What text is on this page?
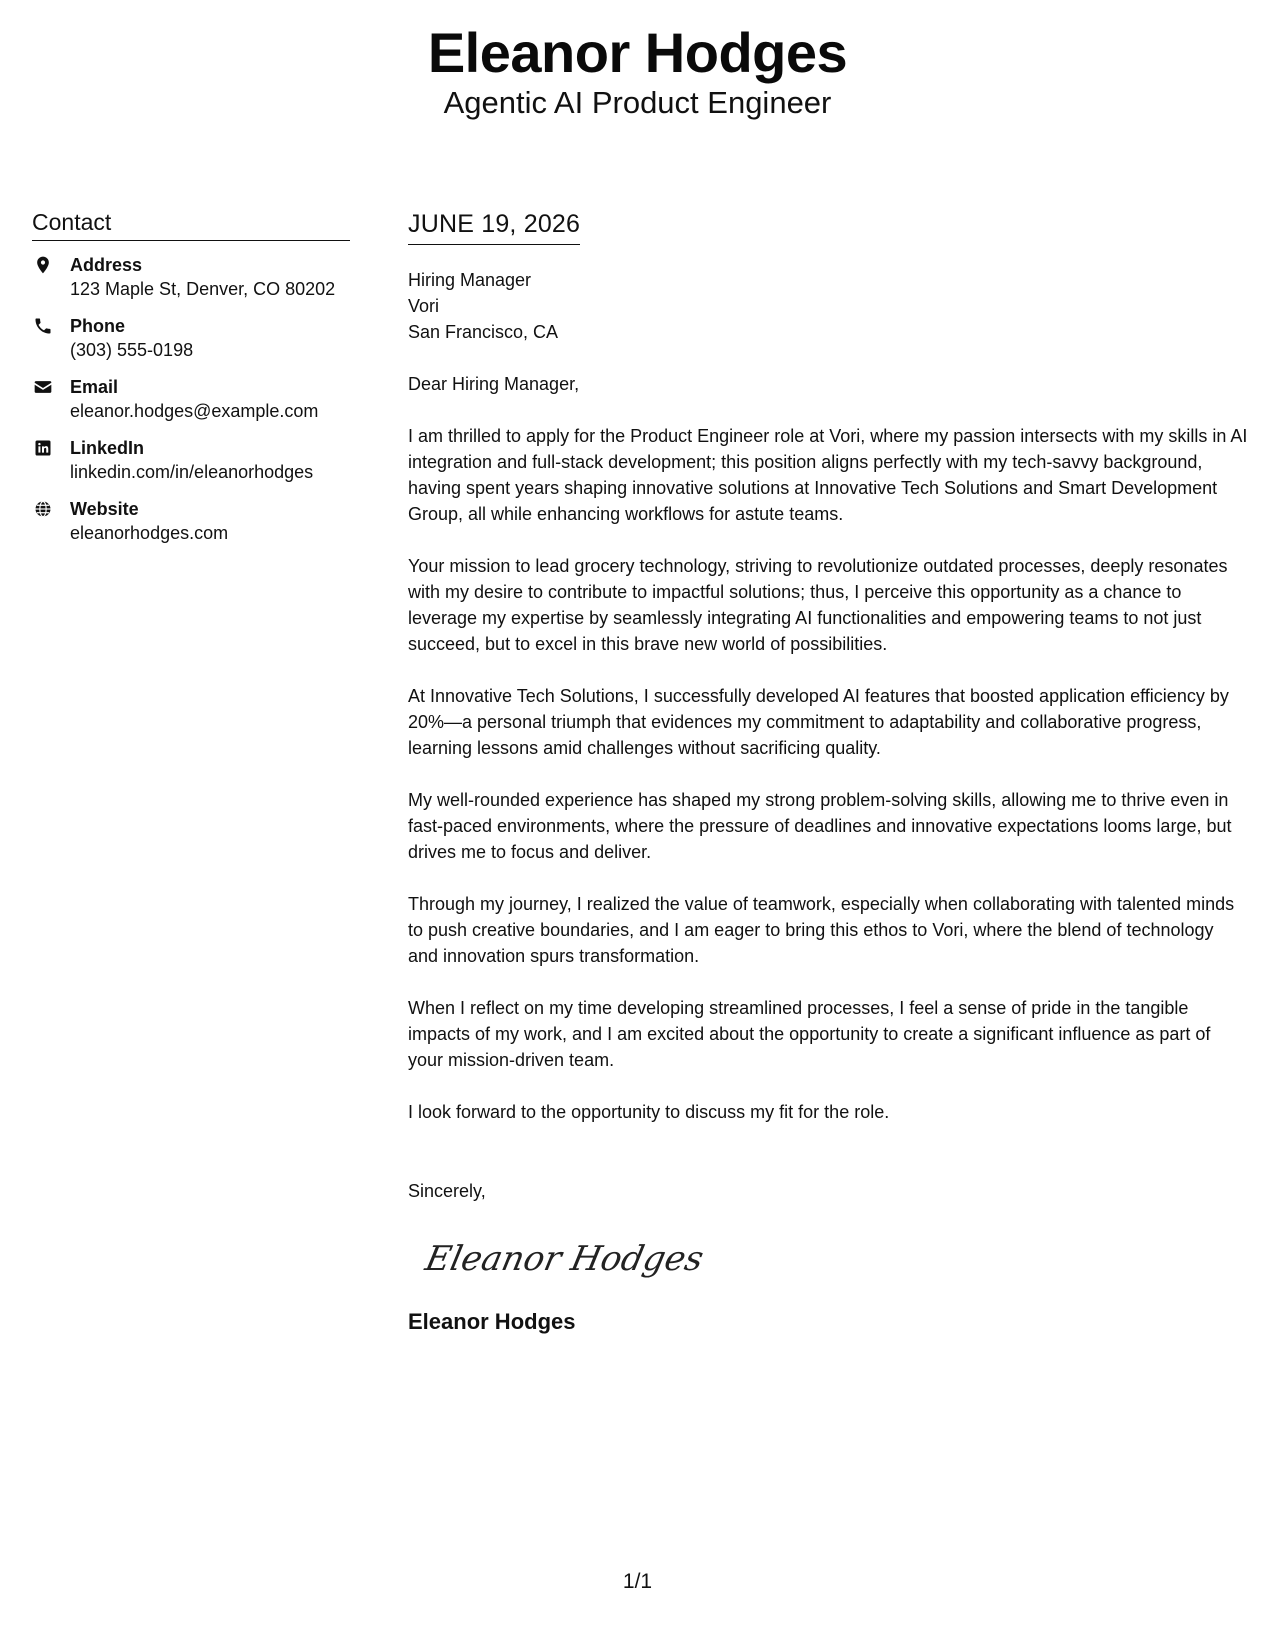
Eleanor Hodges
Agentic AI Product Engineer
Contact
Address
123 Maple St, Denver, CO 80202
Phone
(303) 555-0198
Email
eleanor.hodges@example.com
LinkedIn
linkedin.com/in/eleanorhodges
Website
eleanorhodges.com
JUNE 19, 2026
Hiring Manager
Vori
San Francisco, CA
Dear Hiring Manager,
I am thrilled to apply for the Product Engineer role at Vori, where my passion intersects with my skills in AI integration and full-stack development; this position aligns perfectly with my tech-savvy background, having spent years shaping innovative solutions at Innovative Tech Solutions and Smart Development Group, all while enhancing workflows for astute teams.
Your mission to lead grocery technology, striving to revolutionize outdated processes, deeply resonates with my desire to contribute to impactful solutions; thus, I perceive this opportunity as a chance to leverage my expertise by seamlessly integrating AI functionalities and empowering teams to not just succeed, but to excel in this brave new world of possibilities.
At Innovative Tech Solutions, I successfully developed AI features that boosted application efficiency by 20%—a personal triumph that evidences my commitment to adaptability and collaborative progress, learning lessons amid challenges without sacrificing quality.
My well-rounded experience has shaped my strong problem-solving skills, allowing me to thrive even in fast-paced environments, where the pressure of deadlines and innovative expectations looms large, but drives me to focus and deliver.
Through my journey, I realized the value of teamwork, especially when collaborating with talented minds to push creative boundaries, and I am eager to bring this ethos to Vori, where the blend of technology and innovation spurs transformation.
When I reflect on my time developing streamlined processes, I feel a sense of pride in the tangible impacts of my work, and I am excited about the opportunity to create a significant influence as part of your mission-driven team.
I look forward to the opportunity to discuss my fit for the role.
Sincerely,
Eleanor Hodges
Eleanor Hodges
1/1
